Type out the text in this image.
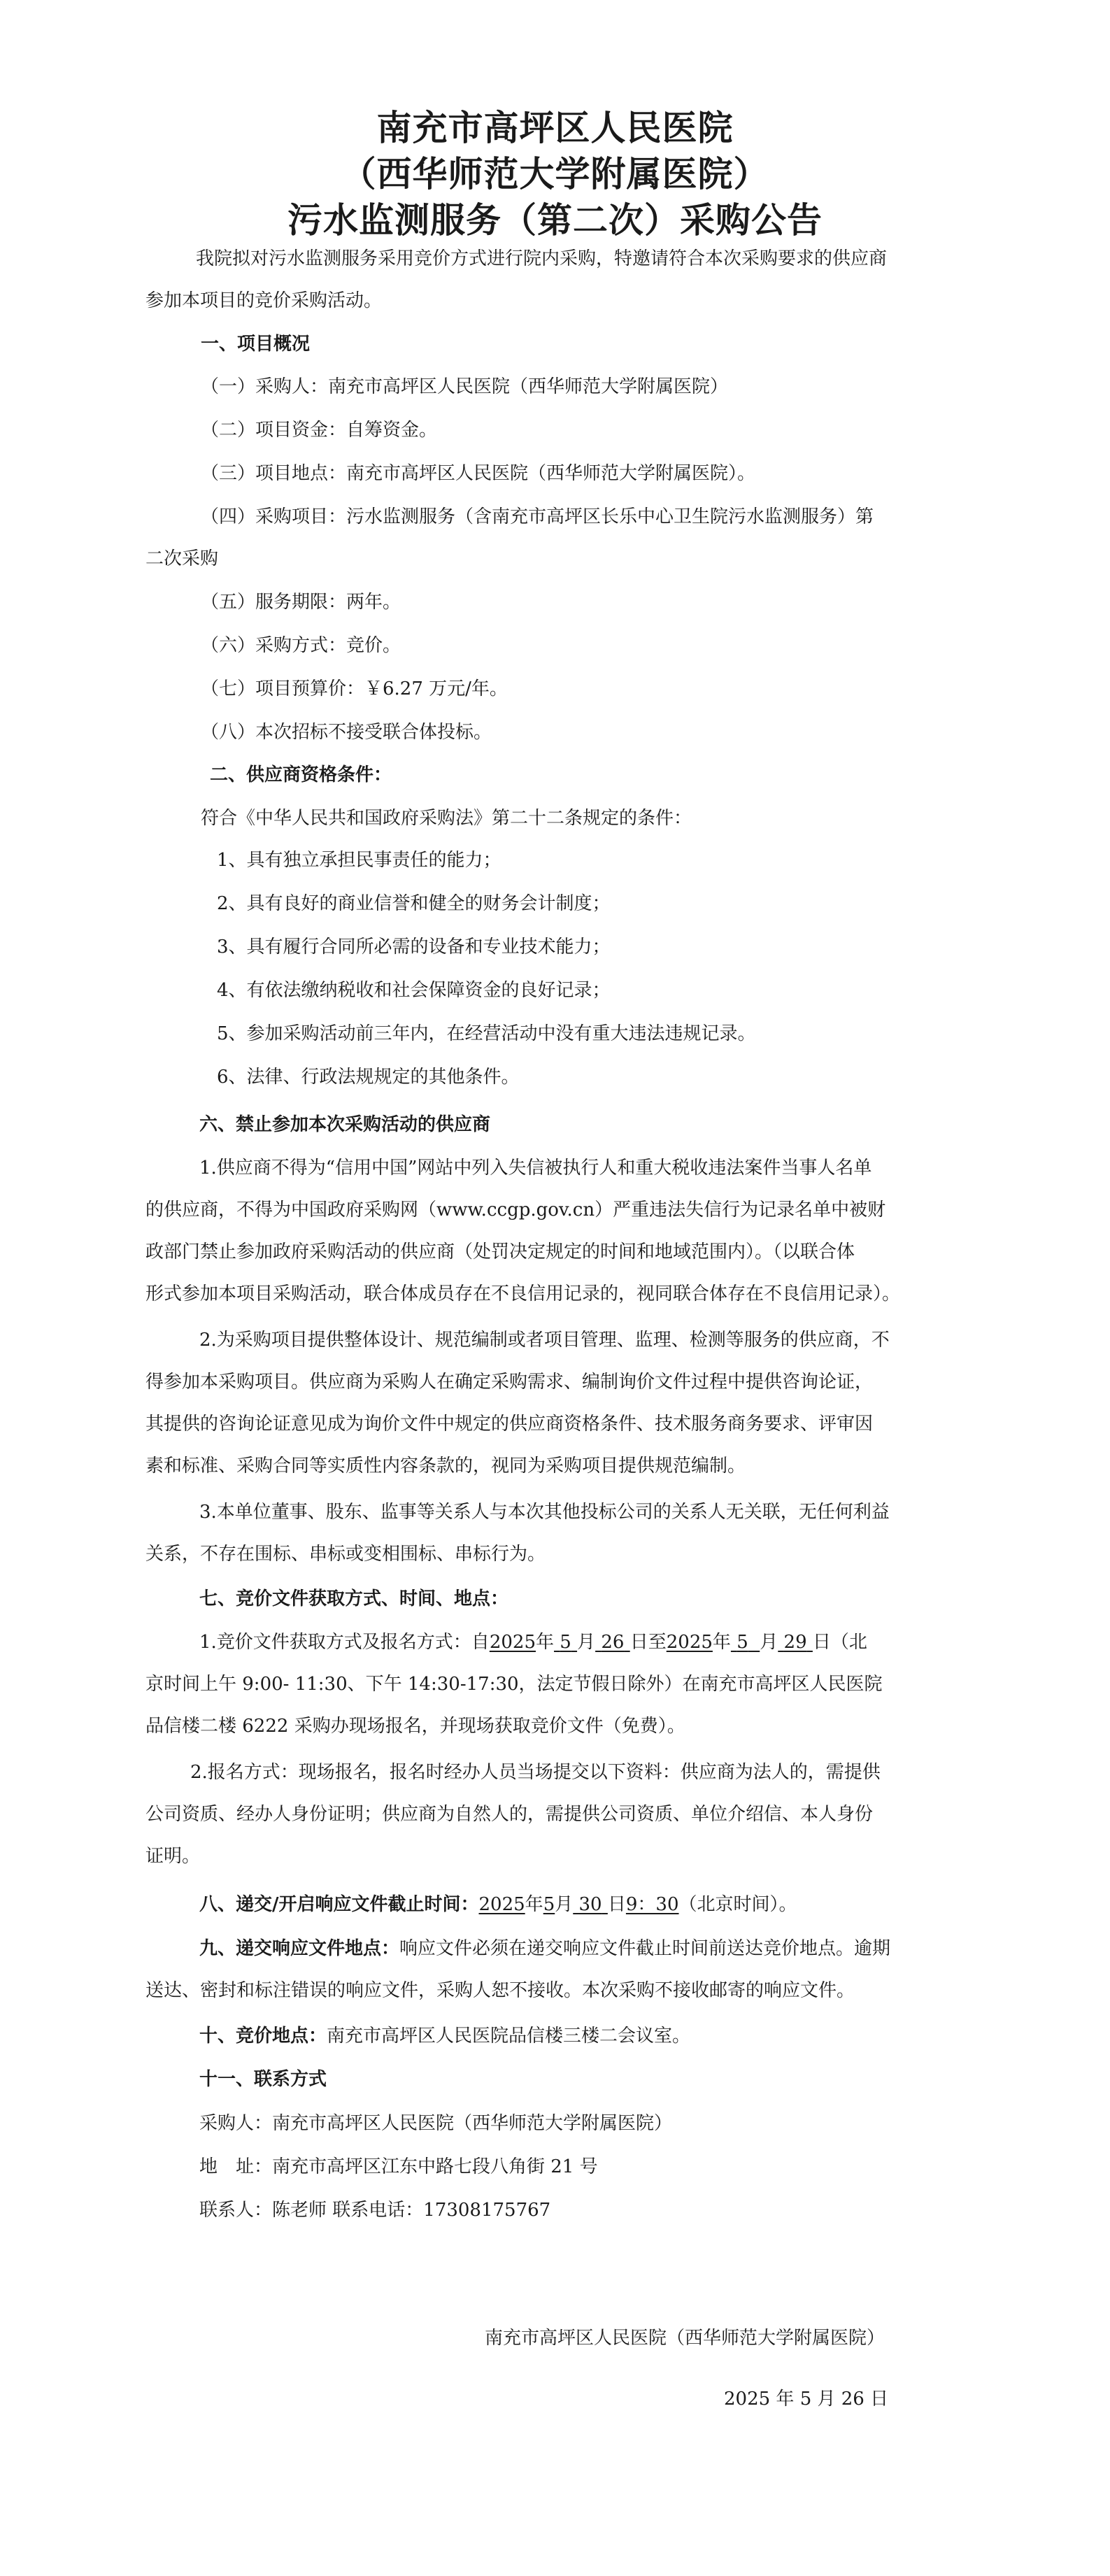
南充市高坪区人民医院
（西华师范大学附属医院）
污水监测服务（第二次）采购公告
我院拟对污水监测服务采用竞价方式进行院内采购，特邀请符合本次采购要求的供应商
参加本项目的竞价采购活动。
一、项目概况
（一）采购人：南充市高坪区人民医院（西华师范大学附属医院）
（二）项目资金：自筹资金。
（三）项目地点：南充市高坪区人民医院（西华师范大学附属医院）。
（四）采购项目：污水监测服务（含南充市高坪区长乐中心卫生院污水监测服务）第
二次采购
（五）服务期限：两年。
（六）采购方式：竞价。
（七）项目预算价：￥6.27 万元/年。
（八）本次招标不接受联合体投标。
二、供应商资格条件：
符合《中华人民共和国政府采购法》第二十二条规定的条件：
1、具有独立承担民事责任的能力；
2、具有良好的商业信誉和健全的财务会计制度；
3、具有履行合同所必需的设备和专业技术能力；
4、有依法缴纳税收和社会保障资金的良好记录；
5、参加采购活动前三年内，在经营活动中没有重大违法违规记录。
6、法律、行政法规规定的其他条件。
六、禁止参加本次采购活动的供应商
1.供应商不得为“信用中国”网站中列入失信被执行人和重大税收违法案件当事人名单
的供应商，不得为中国政府采购网（www.ccgp.gov.cn）严重违法失信行为记录名单中被财
政部门禁止参加政府采购活动的供应商（处罚决定规定的时间和地域范围内）。（以联合体
形式参加本项目采购活动，联合体成员存在不良信用记录的，视同联合体存在不良信用记录）。
2.为采购项目提供整体设计、规范编制或者项目管理、监理、检测等服务的供应商，不
得参加本采购项目。供应商为采购人在确定采购需求、编制询价文件过程中提供咨询论证，
其提供的咨询论证意见成为询价文件中规定的供应商资格条件、技术服务商务要求、评审因
素和标准、采购合同等实质性内容条款的，视同为采购项目提供规范编制。
3.本单位董事、股东、监事等关系人与本次其他投标公司的关系人无关联，无任何利益
关系，不存在围标、串标或变相围标、串标行为。
七、竞价文件获取方式、时间、地点：
1.竞价文件获取方式及报名方式：自2025年 5 月 26 日至2025年 5 月 29 日（北
京时间上午 9:00- 11:30、下午 14:30-17:30，法定节假日除外）在南充市高坪区人民医院
品信楼二楼 6222 采购办现场报名，并现场获取竞价文件（免费）。
2.报名方式：现场报名，报名时经办人员当场提交以下资料：供应商为法人的，需提供
公司资质、经办人身份证明；供应商为自然人的，需提供公司资质、单位介绍信、本人身份
证明。
八、递交/开启响应文件截止时间：2025年5月 30 日9：30（北京时间）。
九、递交响应文件地点：响应文件必须在递交响应文件截止时间前送达竞价地点。逾期
送达、密封和标注错误的响应文件，采购人恕不接收。本次采购不接收邮寄的响应文件。
十、竞价地点：南充市高坪区人民医院品信楼三楼二会议室。
十一、联系方式
采购人：南充市高坪区人民医院（西华师范大学附属医院）
地　址：南充市高坪区江东中路七段八角街 21 号
联系人：陈老师 联系电话：17308175767
南充市高坪区人民医院（西华师范大学附属医院）
2025 年 5 月 26 日
